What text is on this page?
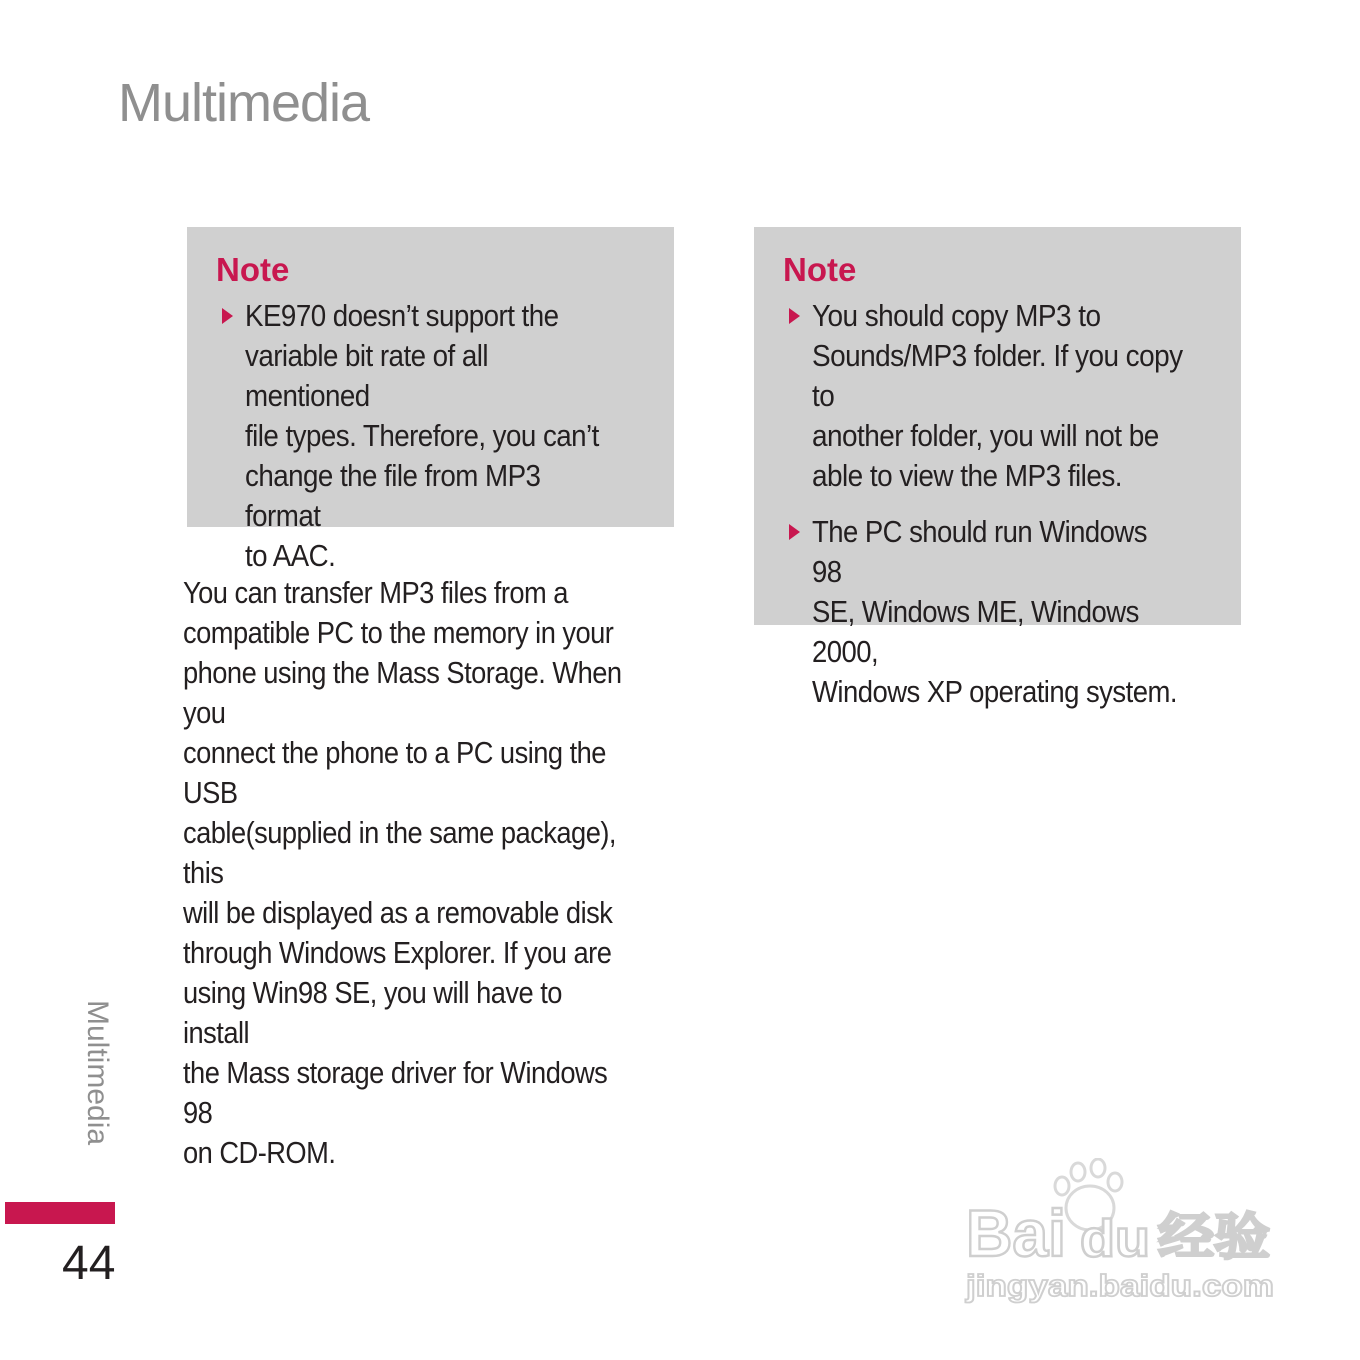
Multimedia
Note
KE970 doesn’t support the
variable bit rate of all mentioned
file types. Therefore, you can’t
change the file from MP3 format
to AAC.
Note
You should copy MP3 to
Sounds/MP3 folder. If you copy to
another folder, you will not be
able to view the MP3 files.
The PC should run Windows 98
SE, Windows ME, Windows 2000,
Windows XP operating system.
You can transfer MP3 files from a
compatible PC to the memory in your
phone using the Mass Storage. When you
connect the phone to a PC using the USB
cable(supplied in the same package), this
will be displayed as a removable disk
through Windows Explorer. If you are
using Win98 SE, you will have to install
the Mass storage driver for Windows 98
on CD-ROM.
Multimedia
44	Bai du 经验
jingyan.baidu.com
